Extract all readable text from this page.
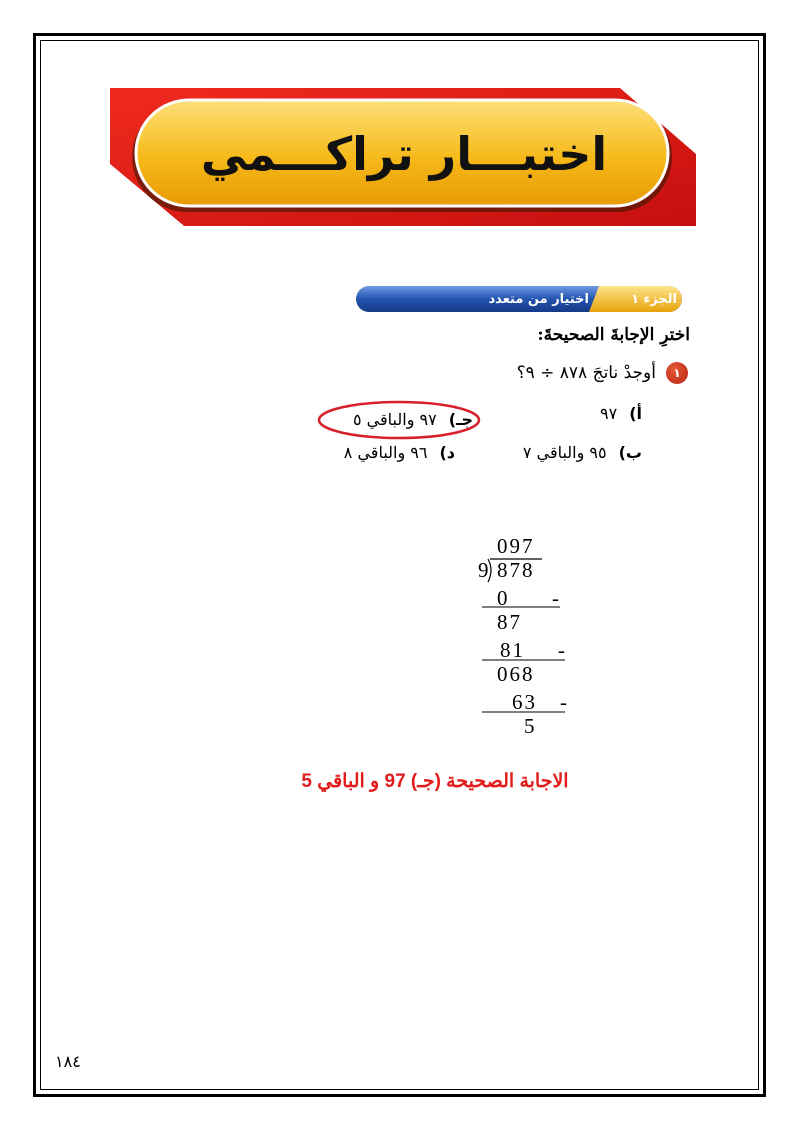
اختبـــار تراكـــمي
الجزء ١
اختيار من متعدد
اخترِ الإجابةَ الصحيحةَ:
١
أوجدْ ناتجَ ٨٧٨ ÷ ٩؟
أ)
٩٧
جـ)
٩٧ والباقي ٥
ب)
٩٥ والباقي ٧
د)
٩٦ والباقي ٨
097
9 878
0 -
87
81 -
068
63 -
5
الاجابة الصحيحة (جـ) 97 و الباقي 5
١٨٤
